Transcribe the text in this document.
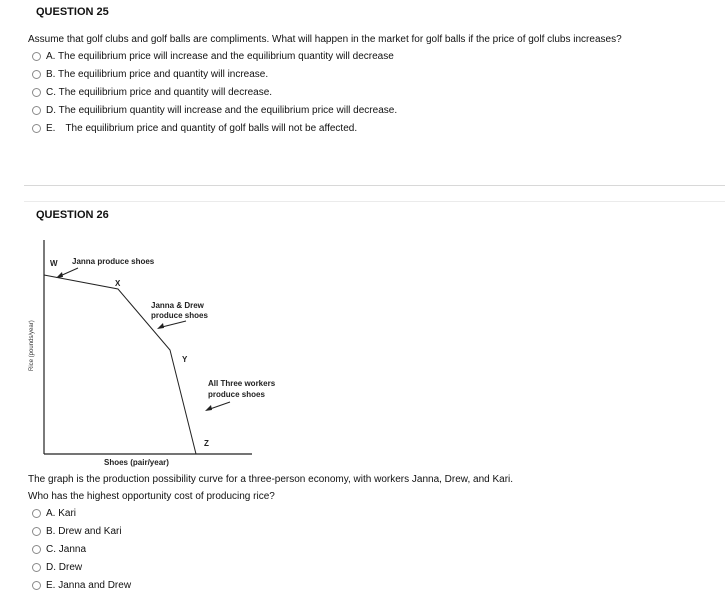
QUESTION 25
Assume that golf clubs and golf balls are compliments. What will happen in the market for golf balls if the price of golf clubs increases?
A. The equilibrium price will increase and the equilibrium quantity will decrease
B. The equilibrium price and quantity will increase.
C. The equilibrium price and quantity will decrease.
D. The equilibrium quantity will increase and the equilibrium price will decrease.
E. The equilibrium price and quantity of golf balls will not be affected.
QUESTION 26
W
X
Y
Z
Janna produce shoes
Janna & Drew
produce shoes
All Three workers
produce shoes
Shoes (pair/year)
Rice (pounds/year)
The graph is the production possibility curve for a three-person economy, with workers Janna, Drew, and Kari.
Who has the highest opportunity cost of producing rice?
A. Kari
B. Drew and Kari
C. Janna
D. Drew
E. Janna and Drew
